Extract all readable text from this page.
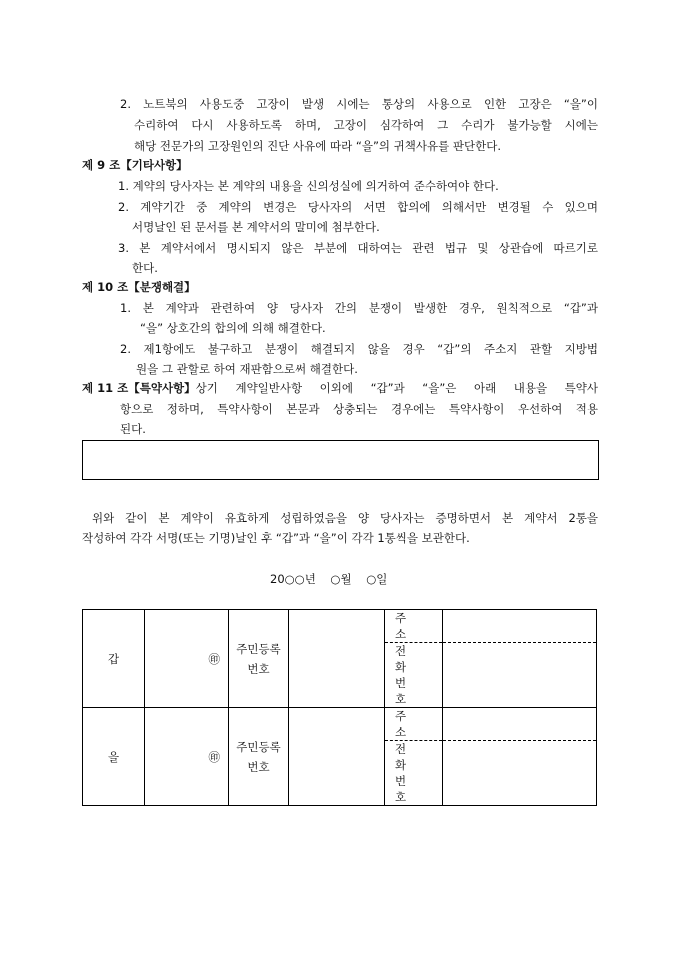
2. 노트북의 사용도중 고장이 발생 시에는 통상의 사용으로 인한 고장은 “을”이
수리하여 다시 사용하도록 하며, 고장이 심각하여 그 수리가 불가능할 시에는
해당 전문가의 고장원인의 진단 사유에 따라 “을”의 귀책사유를 판단한다.
제 9 조【기타사항】
1. 계약의 당사자는 본 계약의 내용을 신의성실에 의거하여 준수하여야 한다.
2. 계약기간 중 계약의 변경은 당사자의 서면 합의에 의해서만 변경될 수 있으며
서명날인 된 문서를 본 계약서의 말미에 첨부한다.
3. 본 계약서에서 명시되지 않은 부분에 대하여는 관련 법규 및 상관습에 따르기로
한다.
제 10 조【분쟁해결】
1. 본 계약과 관련하여 양 당사자 간의 분쟁이 발생한 경우, 원칙적으로 “갑”과
“을” 상호간의 합의에 의해 해결한다.
2. 제1항에도 불구하고 분쟁이 해결되지 않을 경우 “갑”의 주소지 관할 지방법
원을 그 관할로 하여 재판함으로써 해결한다.
제 11 조【특약사항】 상기 계약일반사항 이외에 “갑”과 “을”은 아래 내용을 특약사
항으로 정하며, 특약사항이 본문과 상충되는 경우에는 특약사항이 우선하여 적용
된다.
위와 같이 본 계약이 유효하게 성립하였음을 양 당사자는 증명하면서 본 계약서 2통을
작성하여 각각 서명(또는 기명)날인 후 “갑”과 “을”이 각각 1통씩을 보관한다.
20○○년    ○월    ○일
갑	㊞	주민등록번호		주 소
전 화
번 호	

을	㊞	주민등록번호		주 소
전 화
번 호	
